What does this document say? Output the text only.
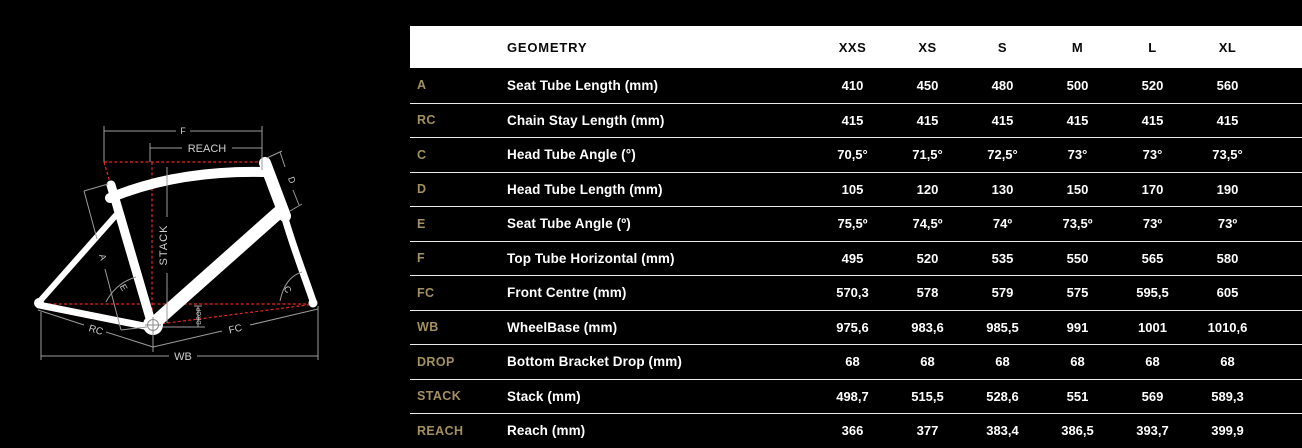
F
REACH
STACK
A
D
E	C
RC	FC
WB
DROP
GEOMETRY	XXS	XS	S	M	L	XL
A	Seat Tube Length (mm)	410	450	480	500	520	560
RC	Chain Stay Length (mm)	415	415	415	415	415	415
C	Head Tube Angle (°)	70,5°	71,5°	72,5°	73°	73°	73,5°
D	Head Tube Length (mm)	105	120	130	150	170	190
E	Seat Tube Angle (º)	75,5º	74,5º	74º	73,5º	73º	73º
F	Top Tube Horizontal (mm)	495	520	535	550	565	580
FC	Front Centre (mm)	570,3	578	579	575	595,5	605
WB	WheelBase (mm)	975,6	983,6	985,5	991	1001	1010,6
DROP	Bottom Bracket Drop (mm)	68	68	68	68	68	68
STACK	Stack (mm)	498,7	515,5	528,6	551	569	589,3
REACH	Reach (mm)	366	377	383,4	386,5	393,7	399,9
